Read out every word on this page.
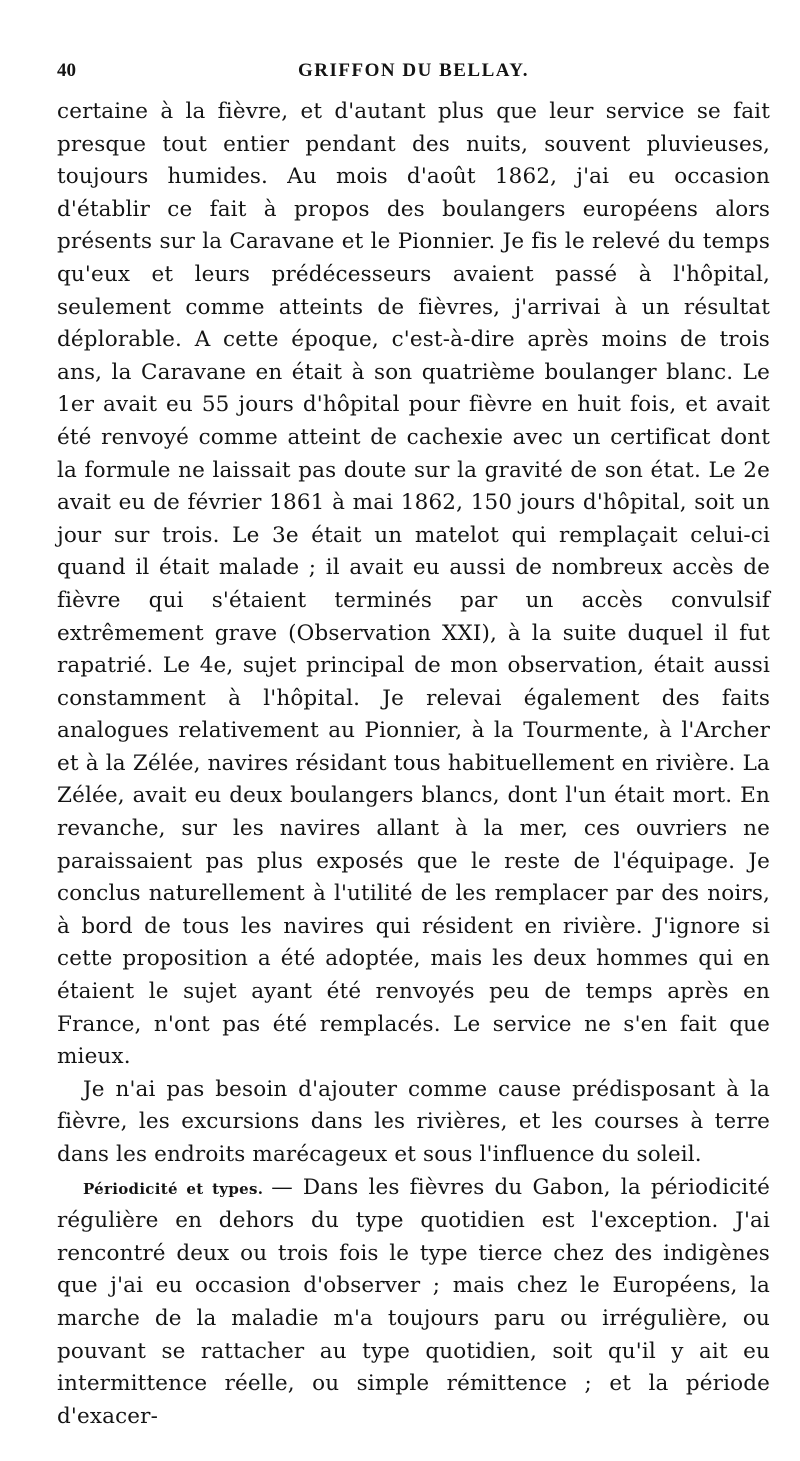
40	GRIFFON DU BELLAY.

certaine à la fièvre, et d'autant plus que leur service se fait presque tout entier pendant des nuits, souvent pluvieuses, toujours humides. Au mois d'août 1862, j'ai eu occasion d'établir ce fait à propos des boulangers européens alors présents sur la Caravane et le Pionnier. Je fis le relevé du temps qu'eux et leurs prédécesseurs avaient passé à l'hôpital, seulement comme atteints de fièvres, j'arrivai à un résultat déplorable. A cette époque, c'est-à-dire après moins de trois ans, la Caravane en était à son quatrième boulanger blanc. Le 1er avait eu 55 jours d'hôpital pour fièvre en huit fois, et avait été renvoyé comme atteint de cachexie avec un certificat dont la formule ne laissait pas doute sur la gravité de son état. Le 2e avait eu de février 1861 à mai 1862, 150 jours d'hôpital, soit un jour sur trois. Le 3e était un matelot qui remplaçait celui-ci quand il était malade ; il avait eu aussi de nombreux accès de fièvre qui s'étaient terminés par un accès convulsif extrêmement grave (Observation XXI), à la suite duquel il fut rapatrié. Le 4e, sujet principal de mon observation, était aussi constamment à l'hôpital. Je relevai également des faits analogues relativement au Pionnier, à la Tourmente, à l'Archer et à la Zélée, navires résidant tous habituellement en rivière. La Zélée, avait eu deux boulangers blancs, dont l'un était mort. En revanche, sur les navires allant à la mer, ces ouvriers ne paraissaient pas plus exposés que le reste de l'équipage. Je conclus naturellement à l'utilité de les remplacer par des noirs, à bord de tous les navires qui résident en rivière. J'ignore si cette proposition a été adoptée, mais les deux hommes qui en étaient le sujet ayant été renvoyés peu de temps après en France, n'ont pas été remplacés. Le service ne s'en fait que mieux.

Je n'ai pas besoin d'ajouter comme cause prédisposant à la fièvre, les excursions dans les rivières, et les courses à terre dans les endroits marécageux et sous l'influence du soleil.

Périodicité et types. — Dans les fièvres du Gabon, la périodicité régulière en dehors du type quotidien est l'exception. J'ai rencontré deux ou trois fois le type tierce chez des indigènes que j'ai eu occasion d'observer ; mais chez le Européens, la marche de la maladie m'a toujours paru ou irrégulière, ou pouvant se rattacher au type quotidien, soit qu'il y ait eu intermittence réelle, ou simple rémittence ; et la période d'exacer-
